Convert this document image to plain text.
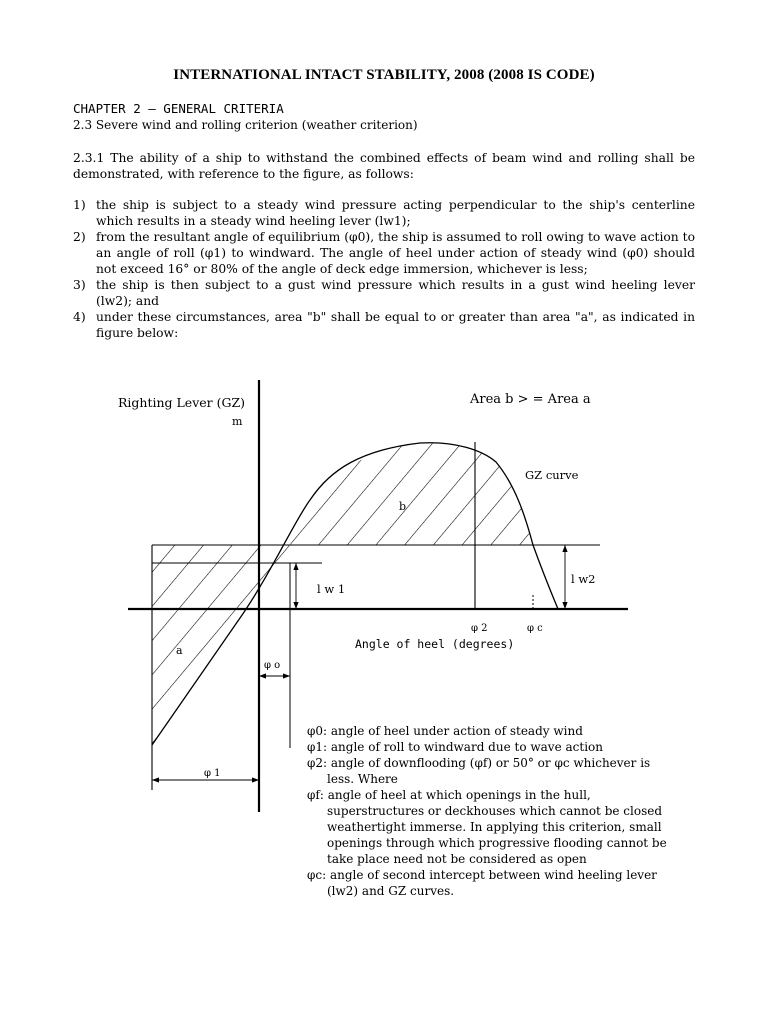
INTERNATIONAL INTACT STABILITY, 2008 (2008 IS CODE)
CHAPTER 2 – GENERAL CRITERIA
2.3 Severe wind and rolling criterion (weather criterion)
2.3.1 The ability of a ship to withstand the combined effects of beam wind and rolling shall be demonstrated, with reference to the figure, as follows:
1) the ship is subject to a steady wind pressure acting perpendicular to the ship's centerline which results in a steady wind heeling lever (lw1);
2) from the resultant angle of equilibrium (φ0), the ship is assumed to roll owing to wave action to an angle of roll (φ1) to windward. The angle of heel under action of steady wind (φ0) should not exceed 16° or 80% of the angle of deck edge immersion, whichever is less;
3) the ship is then subject to a gust wind pressure which results in a gust wind heeling lever (lw2); and
4) under these circumstances, area "b" shall be equal to or greater than area "a", as indicated in figure below:
Righting Lever (GZ)
m
Area b > = Area a
GZ curve
b
a
l w 1
l w2
φ 2	φ c
φ o
φ 1
Angle of heel (degrees)
φ0: angle of heel under action of steady wind
φ1: angle of roll to windward due to wave action
φ2: angle of downflooding (φf) or 50° or φc whichever is
less. Where
φf: angle of heel at which openings in the hull,
superstructures or deckhouses which cannot be closed
weathertight immerse. In applying this criterion, small
openings through which progressive flooding cannot be
take place need not be considered as open
φc: angle of second intercept between wind heeling lever
(lw2) and GZ curves.
